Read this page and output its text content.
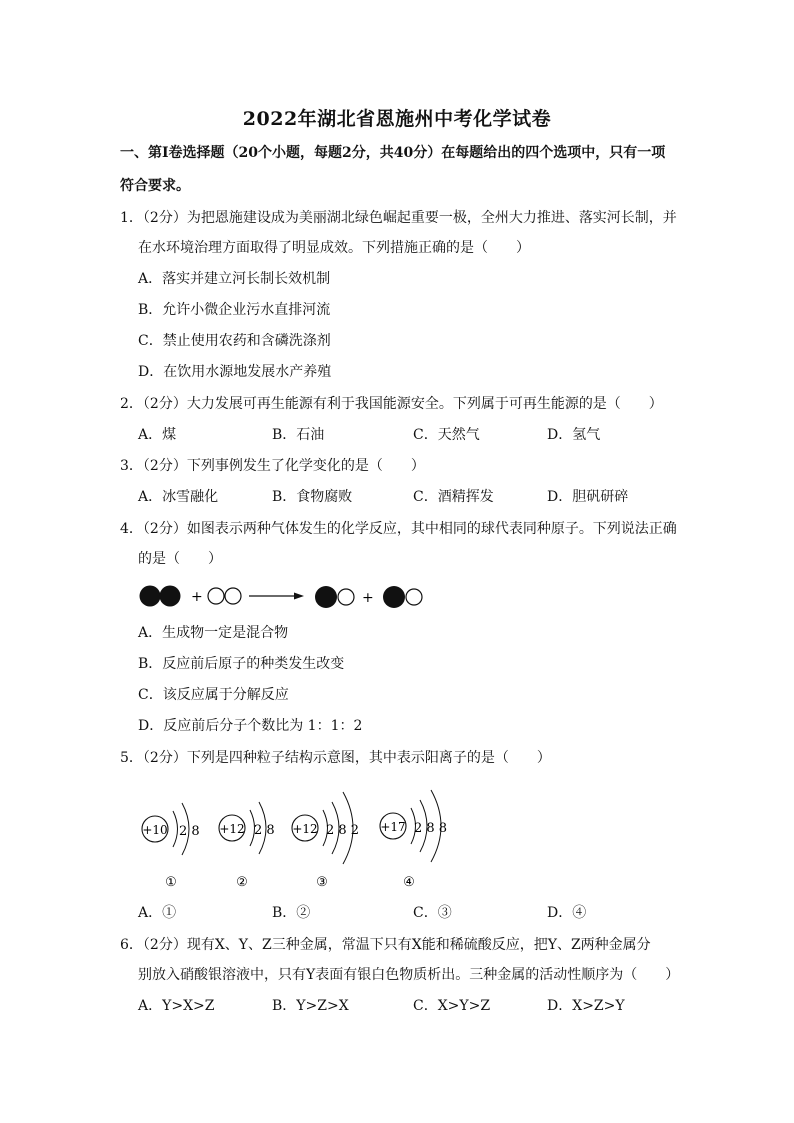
2022年湖北省恩施州中考化学试卷
一、第Ⅰ卷选择题（20个小题，每题2分，共40分）在每题给出的四个选项中，只有一项
符合要求。
1．（2分）为把恩施建设成为美丽湖北绿色崛起重要一极，全州大力推进、落实河长制，并
在水环境治理方面取得了明显成效。下列措施正确的是（　　）
A．落实并建立河长制长效机制
B．允许小微企业污水直排河流
C．禁止使用农药和含磷洗涤剂
D．在饮用水源地发展水产养殖
2．（2分）大力发展可再生能源有利于我国能源安全。下列属于可再生能源的是（　　）
A．煤	B．石油	C．天然气	D．氢气
3．（2分）下列事例发生了化学变化的是（　　）
A．冰雪融化	B．食物腐败	C．酒精挥发	D．胆矾研碎
4．（2分）如图表示两种气体发生的化学反应，其中相同的球代表同种原子。下列说法正确
的是（　　）
+	+
A．生成物一定是混合物
B．反应前后原子的种类发生改变
C．该反应属于分解反应
D．反应前后分子个数比为 1：1：2
5．（2分）下列是四种粒子结构示意图，其中表示阳离子的是（　　）
+10 2 8
①
+12 2 8
②
+12 2 8 2
③
+17 2 8 8
④
A．①	B．②	C．③	D．④
6．（2分）现有X、Y、Z三种金属，常温下只有X能和稀硫酸反应，把Y、Z两种金属分
别放入硝酸银溶液中，只有Y表面有银白色物质析出。三种金属的活动性顺序为（　　）
A．Y>X>Z	B．Y>Z>X	C．X>Y>Z	D．X>Z>Y
